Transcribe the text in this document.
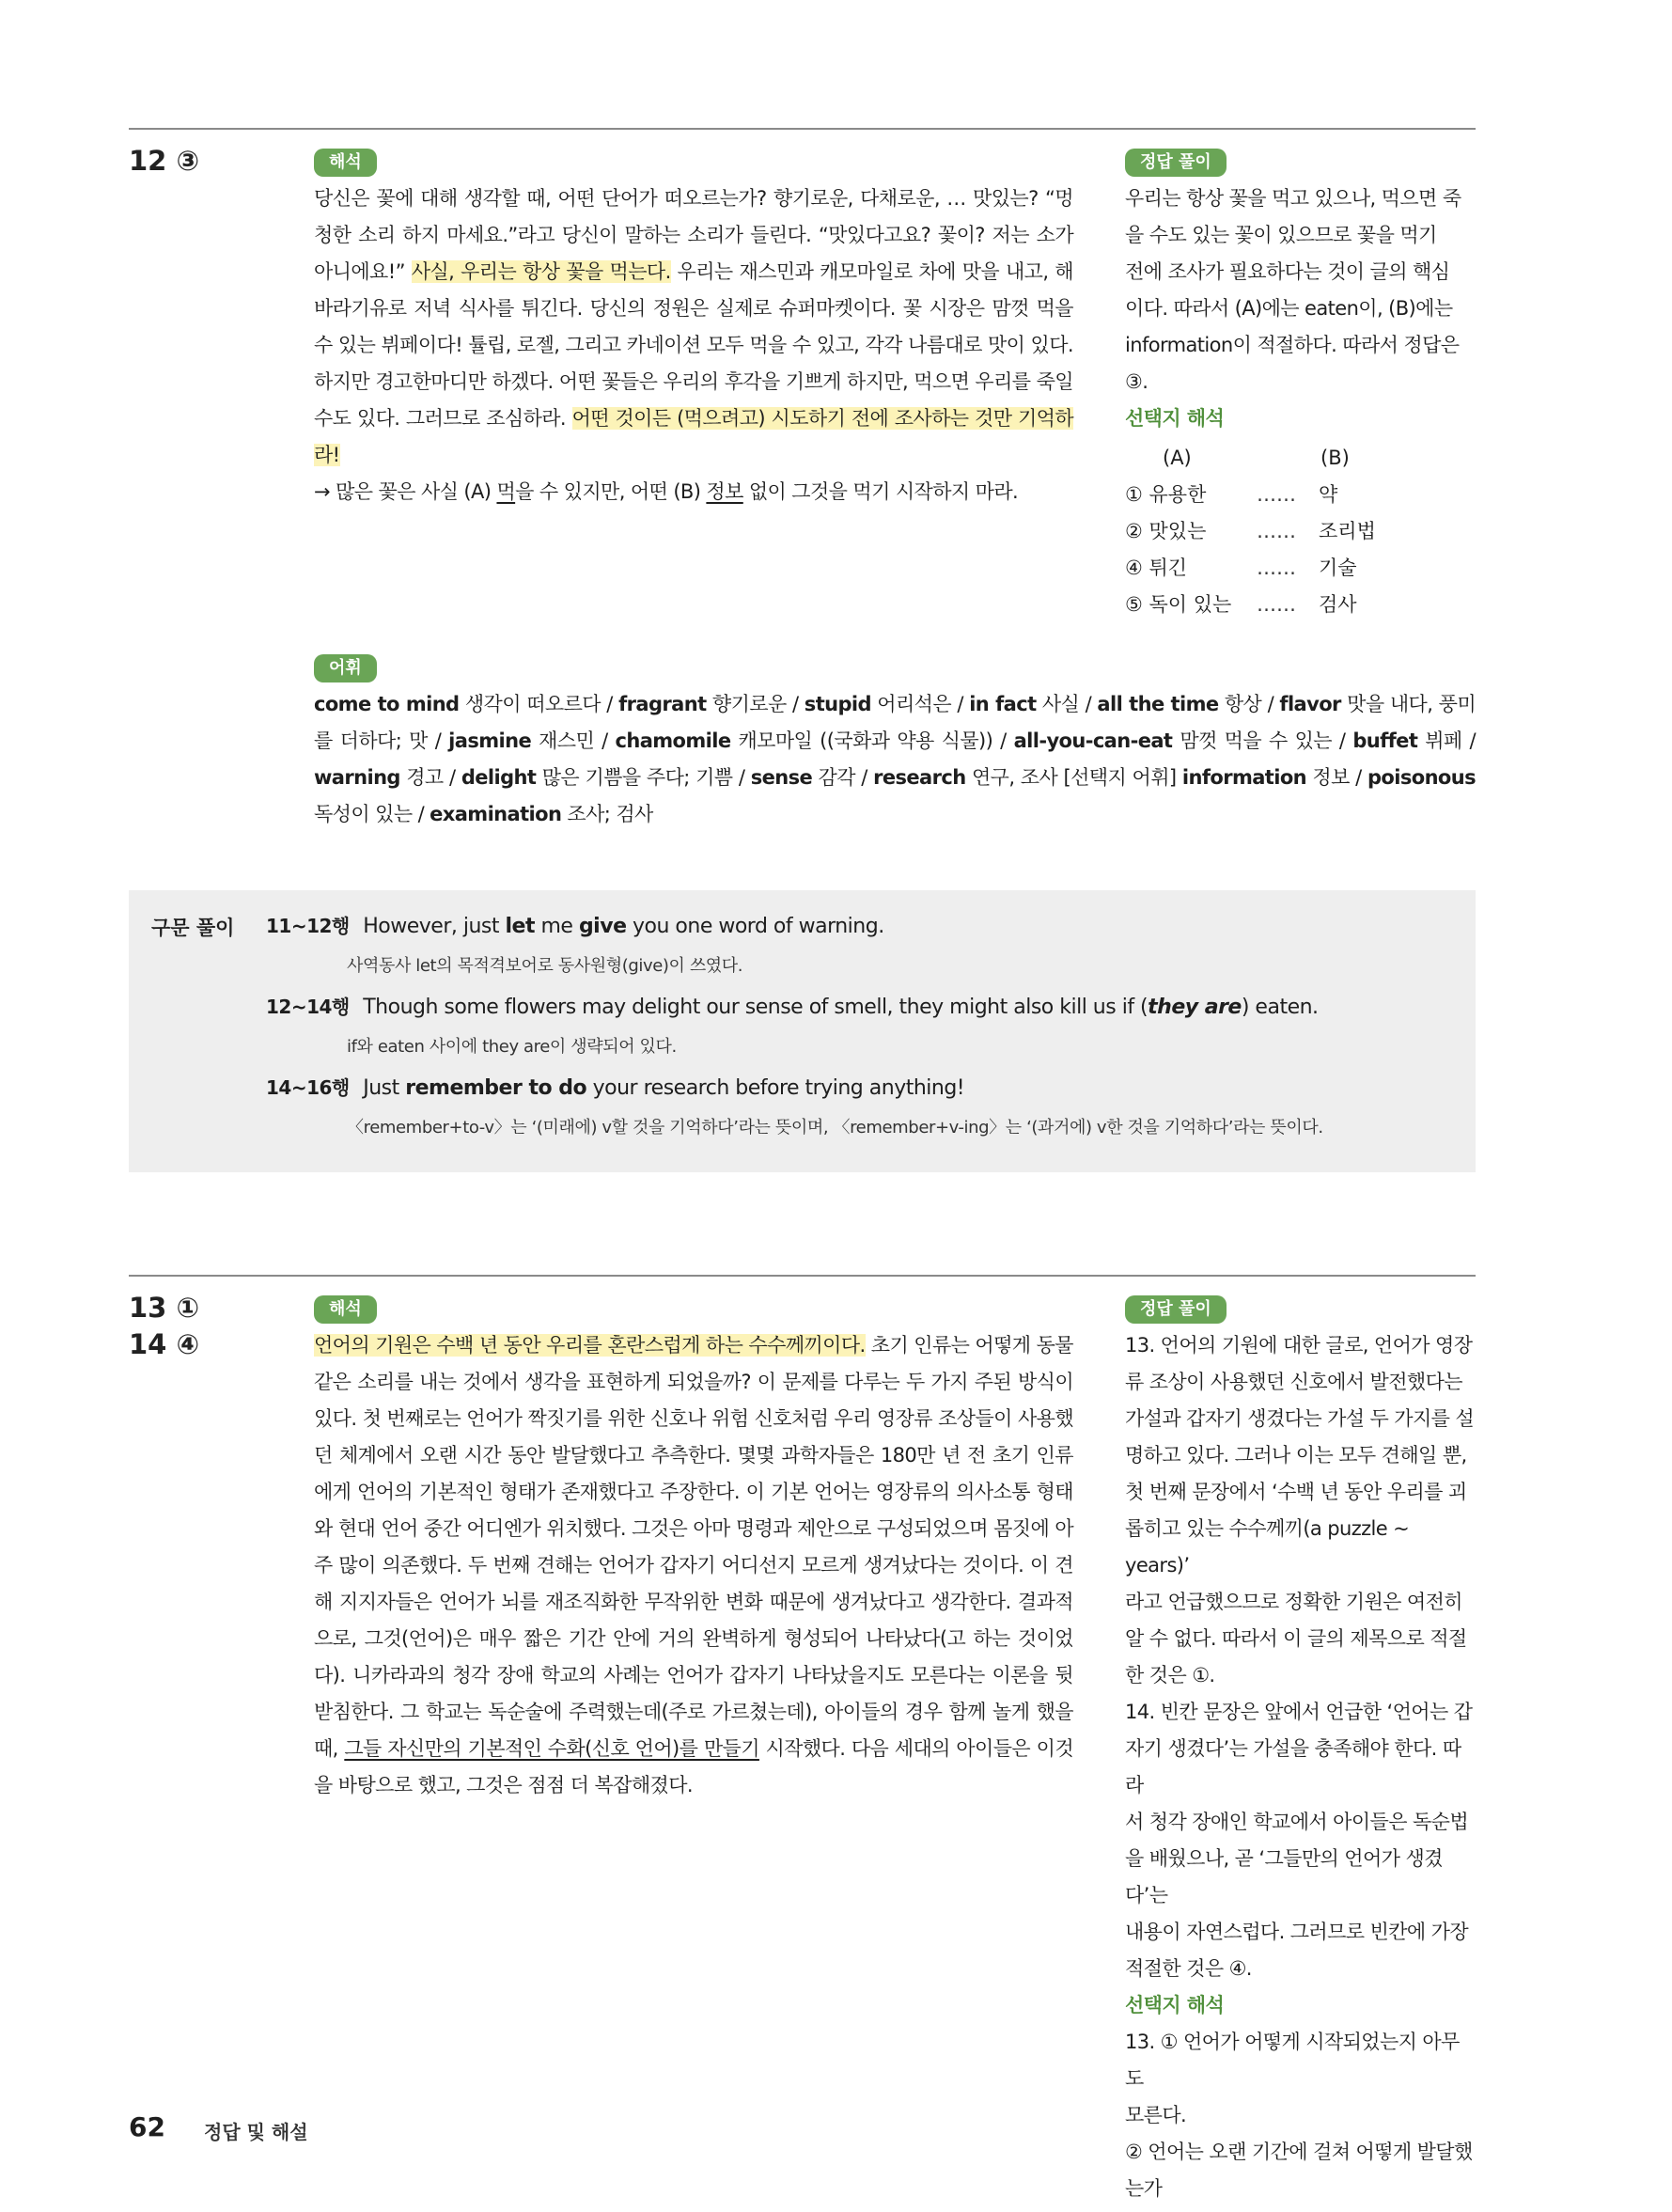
12 ③	해석

당신은 꽃에 대해 생각할 때, 어떤 단어가 떠오르는가? 향기로운, 다채로운, … 맛있는? “멍청한 소리 하지 마세요.”라고 당신이 말하는 소리가 들린다. “맛있다고요? 꽃이? 저는 소가 아니에요!” 사실, 우리는 항상 꽃을 먹는다. 우리는 재스민과 캐모마일로 차에 맛을 내고, 해바라기유로 저녁 식사를 튀긴다. 당신의 정원은 실제로 슈퍼마켓이다. 꽃 시장은 맘껏 먹을 수 있는 뷔페이다! 튤립, 로젤, 그리고 카네이션 모두 먹을 수 있고, 각각 나름대로 맛이 있다. 하지만 경고한마디만 하겠다. 어떤 꽃들은 우리의 후각을 기쁘게 하지만, 먹으면 우리를 죽일 수도 있다. 그러므로 조심하라. 어떤 것이든 (먹으려고) 시도하기 전에 조사하는 것만 기억하라!

→ 많은 꽃은 사실 (A) 먹을 수 있지만, 어떤 (B) 정보 없이 그것을 먹기 시작하지 마라.

정답 풀이

우리는 항상 꽃을 먹고 있으나, 먹으면 죽

을 수도 있는 꽃이 있으므로 꽃을 먹기

전에 조사가 필요하다는 것이 글의 핵심

이다. 따라서 (A)에는 eaten이, (B)에는

information이 적절하다. 따라서 정답은

③.

선택지 해석

(A)	(B)
① 유용한	…… 약
② 맛있는	…… 조리법
④ 튀긴	…… 기술
⑤ 독이 있는 …… 검사
어휘
come to mind 생각이 떠오르다 / fragrant 향기로운 / stupid 어리석은 / in fact 사실 / all the time 항상 / flavor 맛을 내다, 풍미를 더하다; 맛 / jasmine 재스민 / chamomile 캐모마일 ((국화과 약용 식물)) / all-you-can-eat 맘껏 먹을 수 있는 / buffet 뷔페 / warning 경고 / delight 많은 기쁨을 주다; 기쁨 / sense 감각 / research 연구, 조사 [선택지 어휘] information 정보 / poisonous 독성이 있는 / examination 조사; 검사
구문 풀이 11~12행 However, just let me give you one word of warning.
사역동사 let의 목적격보어로 동사원형(give)이 쓰였다.
12~14행 Though some flowers may delight our sense of smell, they might also kill us if (they are) eaten.
if와 eaten 사이에 they are이 생략되어 있다.
14~16행 Just remember to do your research before trying anything!
〈remember+to-v〉는 ‘(미래에) v할 것을 기억하다’라는 뜻이며, 〈remember+v-ing〉는 ‘(과거에) v한 것을 기억하다’라는 뜻이다.
13 ①
14 ④
해석

언어의 기원은 수백 년 동안 우리를 혼란스럽게 하는 수수께끼이다. 초기 인류는 어떻게 동물 같은 소리를 내는 것에서 생각을 표현하게 되었을까? 이 문제를 다루는 두 가지 주된 방식이 있다. 첫 번째로는 언어가 짝짓기를 위한 신호나 위험 신호처럼 우리 영장류 조상들이 사용했던 체계에서 오랜 시간 동안 발달했다고 추측한다. 몇몇 과학자들은 180만 년 전 초기 인류에게 언어의 기본적인 형태가 존재했다고 주장한다. 이 기본 언어는 영장류의 의사소통 형태와 현대 언어 중간 어디엔가 위치했다. 그것은 아마 명령과 제안으로 구성되었으며 몸짓에 아주 많이 의존했다. 두 번째 견해는 언어가 갑자기 어디선지 모르게 생겨났다는 것이다. 이 견해 지지자들은 언어가 뇌를 재조직화한 무작위한 변화 때문에 생겨났다고 생각한다. 결과적으로, 그것(언어)은 매우 짧은 기간 안에 거의 완벽하게 형성되어 나타났다(고 하는 것이었다). 니카라과의 청각 장애 학교의 사례는 언어가 갑자기 나타났을지도 모른다는 이론을 뒷받침한다. 그 학교는 독순술에 주력했는데(주로 가르쳤는데), 아이들의 경우 함께 놀게 했을 때, 그들 자신만의 기본적인 수화(신호 언어)를 만들기 시작했다. 다음 세대의 아이들은 이것을 바탕으로 했고, 그것은 점점 더 복잡해졌다.

정답 풀이

13. 언어의 기원에 대한 글로, 언어가 영장

류 조상이 사용했던 신호에서 발전했다는

가설과 갑자기 생겼다는 가설 두 가지를 설

명하고 있다. 그러나 이는 모두 견해일 뿐,

첫 번째 문장에서 ‘수백 년 동안 우리를 괴

롭히고 있는 수수께끼(a puzzle ~ years)’

라고 언급했으므로 정확한 기원은 여전히

알 수 없다. 따라서 이 글의 제목으로 적절

한 것은 ①.

14. 빈칸 문장은 앞에서 언급한 ‘언어는 갑

자기 생겼다’는 가설을 충족해야 한다. 따라

서 청각 장애인 학교에서 아이들은 독순법

을 배웠으나, 곧 ‘그들만의 언어가 생겼다’는

내용이 자연스럽다. 그러므로 빈칸에 가장

적절한 것은 ④.

선택지 해석

13. ① 언어가 어떻게 시작되었는지 아무도

모른다.

② 언어는 오랜 기간에 걸쳐 어떻게 발달했

는가

62 정답 및 해설
